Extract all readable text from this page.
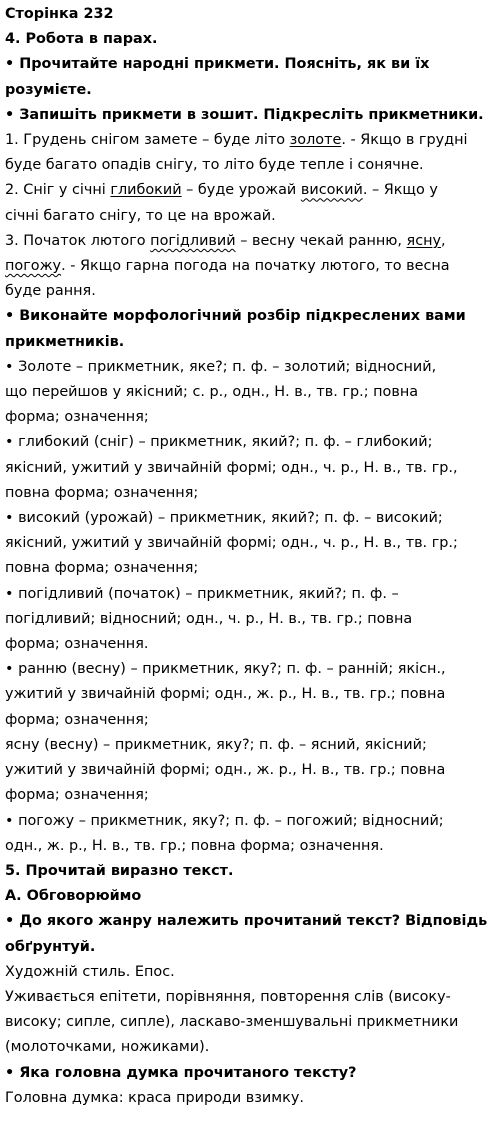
Сторінка 232
4. Робота в парах.
• Прочитайте народні прикмети. Поясніть, як ви їх
розумієте.
• Запишіть прикмети в зошит. Підкресліть прикметники.
1. Грудень снігом замете – буде літо золоте. - Якщо в грудні
буде багато опадів снігу, то літо буде тепле і сонячне.
2. Сніг у січні глибокий – буде урожай високий. – Якщо у
січні багато снігу, то це на врожай.
3. Початок лютого погідливий – весну чекай ранню, ясну,
погожу. - Якщо гарна погода на початку лютого, то весна
буде рання.
• Виконайте морфологічний розбір підкреслених вами
прикметників.
• Золоте – прикметник, яке?; п. ф. – золотий; відносний,
що перейшов у якісний; с. р., одн., Н. в., тв. гр.; повна
форма; означення;
• глибокий (сніг) – прикметник, який?; п. ф. – глибокий;
якісний, ужитий у звичайній формі; одн., ч. р., Н. в., тв. гр.,
повна форма; означення;
• високий (урожай) – прикметник, який?; п. ф. – високий;
якісний, ужитий у звичайній формі; одн., ч. р., Н. в., тв. гр.;
повна форма; означення;
• погідливий (початок) – прикметник, який?; п. ф. –
погідливий; відносний; одн., ч. р., Н. в., тв. гр.; повна
форма; означення.
• ранню (весну) – прикметник, яку?; п. ф. – ранній; якісн.,
ужитий у звичайній формі; одн., ж. р., Н. в., тв. гр.; повна
форма; означення;
ясну (весну) – прикметник, яку?; п. ф. – ясний, якісний;
ужитий у звичайній формі; одн., ж. р., Н. в., тв. гр.; повна
форма; означення;
• погожу – прикметник, яку?; п. ф. – погожий; відносний;
одн., ж. р., Н. в., тв. гр.; повна форма; означення.
5. Прочитай виразно текст.
А. Обговорюймо
• До якого жанру належить прочитаний текст? Відповідь
обґрунтуй.
Художній стиль. Епос.
Уживається епітети, порівняння, повторення слів (високу-
високу; сипле, сипле), ласкаво-зменшувальні прикметники
(молоточками, ножиками).
• Яка головна думка прочитаного тексту?
Головна думка: краса природи взимку.
